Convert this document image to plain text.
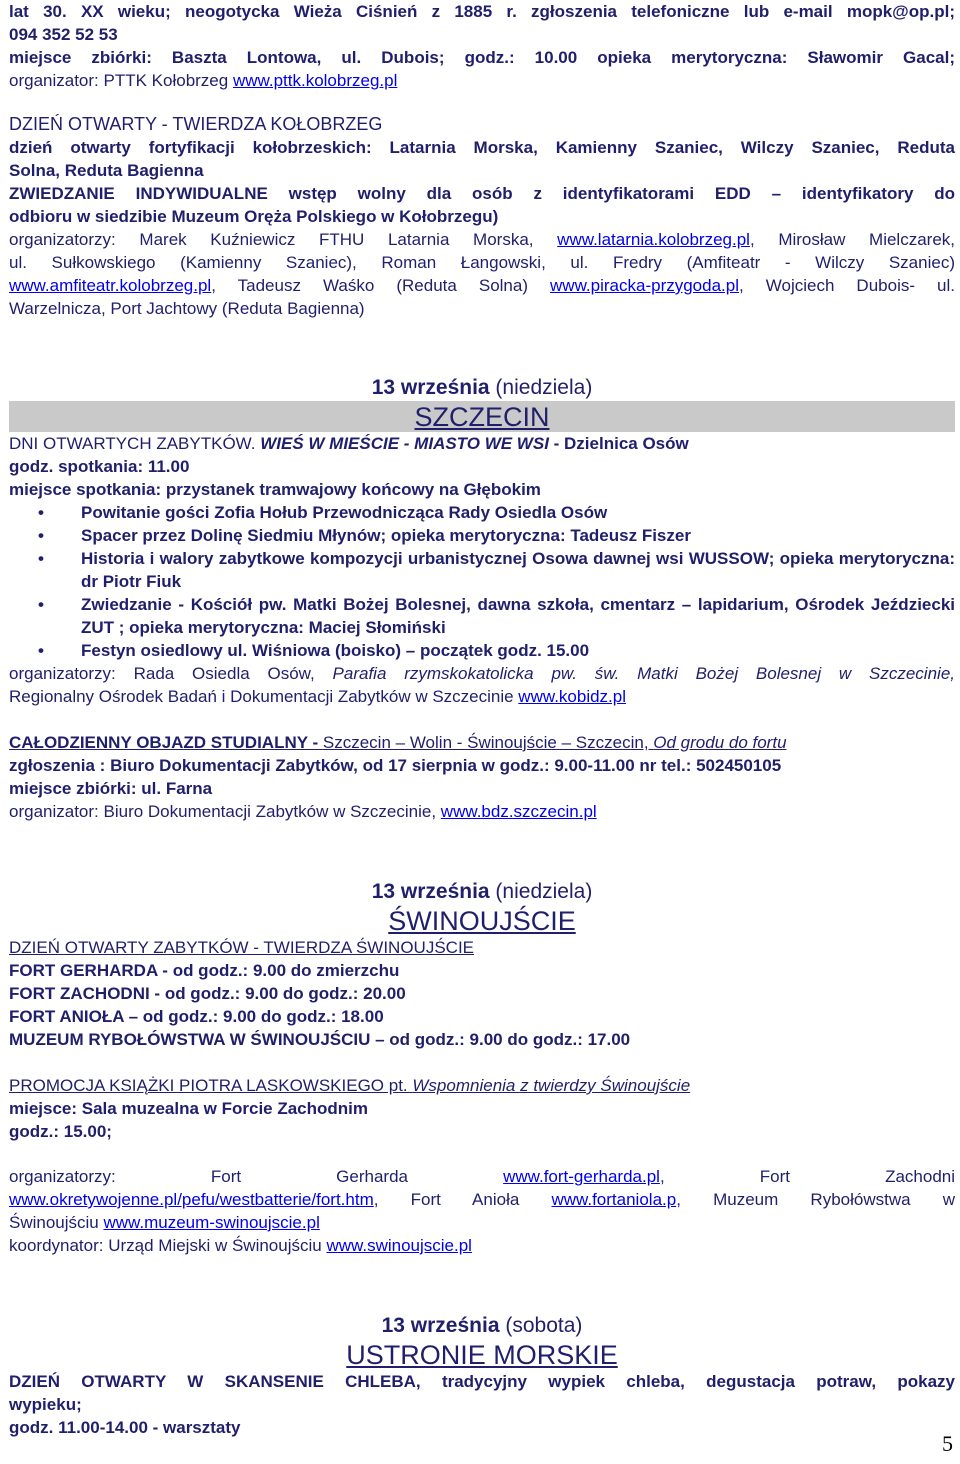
lat 30. XX wieku; neogotycka Wieża Ciśnień z 1885 r. zgłoszenia telefoniczne lub e-mail mopk@op.pl;

094 352 52 53

miejsce zbiórki: Baszta Lontowa, ul. Dubois; godz.: 10.00 opieka merytoryczna: Sławomir Gacal;

organizator: PTTK Kołobrzeg www.pttk.kolobrzeg.pl

DZIEŃ OTWARTY - TWIERDZA KOŁOBRZEG

dzień otwarty fortyfikacji kołobrzeskich: Latarnia Morska, Kamienny Szaniec, Wilczy Szaniec, Reduta

Solna, Reduta Bagienna

ZWIEDZANIE INDYWIDUALNE wstęp wolny dla osób z identyfikatorami EDD – identyfikatory do

odbioru w siedzibie Muzeum Oręża Polskiego w Kołobrzegu)

organizatorzy: Marek Kuźniewicz FTHU Latarnia Morska, www.latarnia.kolobrzeg.pl, Mirosław Mielczarek,

ul. Sułkowskiego (Kamienny Szaniec), Roman Łangowski, ul. Fredry (Amfiteatr - Wilczy Szaniec)

www.amfiteatr.kolobrzeg.pl, Tadeusz Waśko (Reduta Solna) www.piracka-przygoda.pl, Wojciech Dubois- ul.

Warzelnicza, Port Jachtowy (Reduta Bagienna)

13 września (niedziela)

SZCZECIN

DNI OTWARTYCH ZABYTKÓW. WIEŚ W MIEŚCIE - MIASTO WE WSI - Dzielnica Osów

godz. spotkania: 11.00

miejsce spotkania: przystanek tramwajowy końcowy na Głębokim

• Powitanie gości Zofia Hołub Przewodnicząca Rady Osiedla Osów
• Spacer przez Dolinę Siedmiu Młynów; opieka merytoryczna: Tadeusz Fiszer
• Historia i walory zabytkowe kompozycji urbanistycznej Osowa dawnej wsi WUSSOW; opieka merytoryczna: dr Piotr Fiuk
• Zwiedzanie - Kościół pw. Matki Bożej Bolesnej, dawna szkoła, cmentarz – lapidarium, Ośrodek Jeździecki ZUT ; opieka merytoryczna: Maciej Słomiński
• Festyn osiedlowy ul. Wiśniowa (boisko) – początek godz. 15.00

organizatorzy: Rada Osiedla Osów, Parafia rzymskokatolicka pw. św. Matki Bożej Bolesnej w Szczecinie,

Regionalny Ośrodek Badań i Dokumentacji Zabytków w Szczecinie www.kobidz.pl

CAŁODZIENNY OBJAZD STUDIALNY - Szczecin – Wolin - Świnoujście – Szczecin, Od grodu do fortu

zgłoszenia : Biuro Dokumentacji Zabytków, od 17 sierpnia w godz.: 9.00-11.00 nr tel.: 502450105

miejsce zbiórki: ul. Farna

organizator: Biuro Dokumentacji Zabytków w Szczecinie, www.bdz.szczecin.pl

13 września (niedziela)

ŚWINOUJŚCIE

DZIEŃ OTWARTY ZABYTKÓW - TWIERDZA ŚWINOUJŚCIE

FORT GERHARDA - od godz.: 9.00 do zmierzchu

FORT ZACHODNI - od godz.: 9.00 do godz.: 20.00

FORT ANIOŁA – od godz.: 9.00 do godz.: 18.00

MUZEUM RYBOŁÓWSTWA W ŚWINOUJŚCIU – od godz.: 9.00 do godz.: 17.00

PROMOCJA KSIĄŻKI PIOTRA LASKOWSKIEGO pt. Wspomnienia z twierdzy Świnoujście

miejsce: Sala muzealna w Forcie Zachodnim

godz.: 15.00;

organizatorzy: Fort Gerharda www.fort-gerharda.pl, Fort Zachodni

www.okretywojenne.pl/pefu/westbatterie/fort.htm, Fort Anioła www.fortaniola.p, Muzeum Rybołówstwa w

Świnoujściu www.muzeum-swinoujscie.pl

koordynator: Urząd Miejski w Świnoujściu www.swinoujscie.pl

13 września (sobota)

USTRONIE MORSKIE

DZIEŃ OTWARTY W SKANSENIE CHLEBA, tradycyjny wypiek chleba, degustacja potraw, pokazy

wypieku;

godz. 11.00-14.00 - warsztaty

5
